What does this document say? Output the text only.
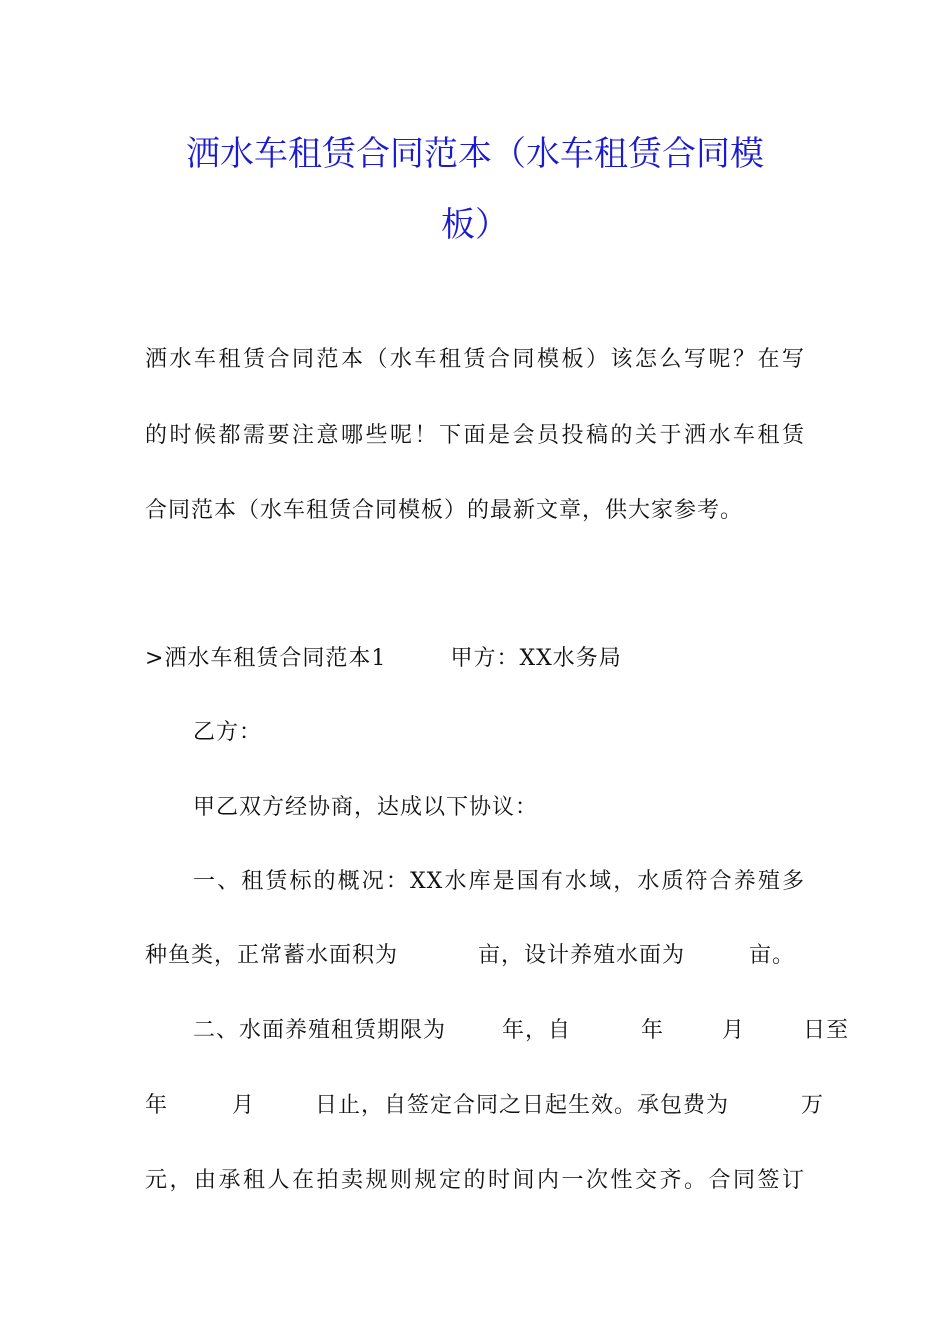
洒水车租赁合同范本（水车租赁合同模
板）
洒水车租赁合同范本（水车租赁合同模板）该怎么写呢？在写
的时候都需要注意哪些呢！下面是会员投稿的关于洒水车租赁
合同范本（水车租赁合同模板）的最新文章，供大家参考。
>洒水车租赁合同范本1	甲方：XX水务局
乙方：
甲乙双方经协商，达成以下协议：
一、租赁标的概况：XX水库是国有水域，水质符合养殖多
种鱼类，正常蓄水面积为	亩，设计养殖水面为	亩。
二、水面养殖租赁期限为	年，自	年	月	日至
年	月	日止，自签定合同之日起生效。承包费为	万
元，由承租人在拍卖规则规定的时间内一次性交齐。合同签订
